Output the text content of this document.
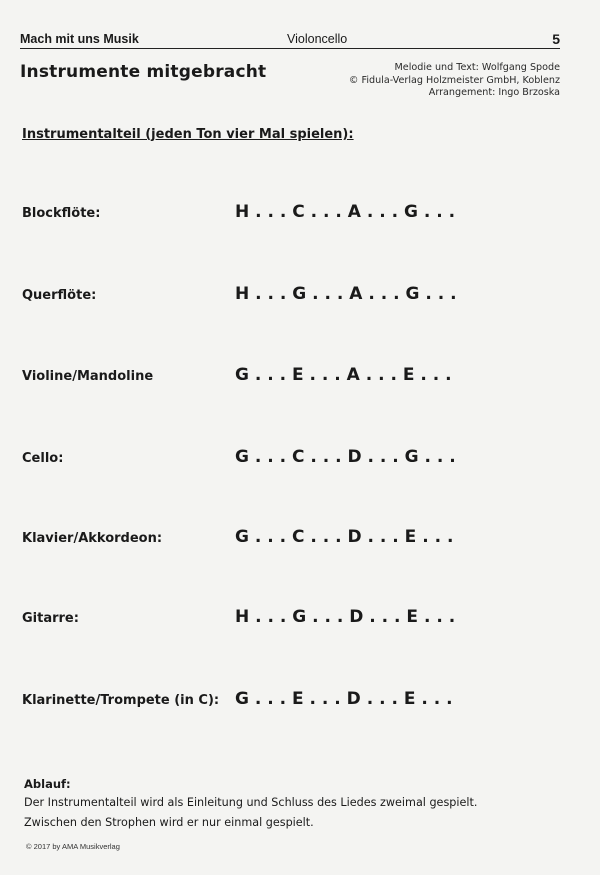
Mach mit uns Musik	Violoncello	5
Instrumente mitgebracht	Melodie und Text: Wolfgang Spode
© Fidula-Verlag Holzmeister GmbH, Koblenz
Arrangement: Ingo Brzoska
Instrumentalteil (jeden Ton vier Mal spielen):
Blockflöte:	H . . . C . . . A . . . G . . .
Querflöte:	H . . . G . . . A . . . G . . .
Violine/Mandoline	G . . . E . . . A . . . E . . .
Cello:	G . . . C . . . D . . . G . . .
Klavier/Akkordeon:	G . . . C . . . D . . . E . . .
Gitarre:	H . . . G . . . D . . . E . . .
Klarinette/Trompete (in C): G . . . E . . . D . . . E . . .
Ablauf:
Der Instrumentalteil wird als Einleitung und Schluss des Liedes zweimal gespielt.
Zwischen den Strophen wird er nur einmal gespielt.
© 2017 by AMA Musikverlag
